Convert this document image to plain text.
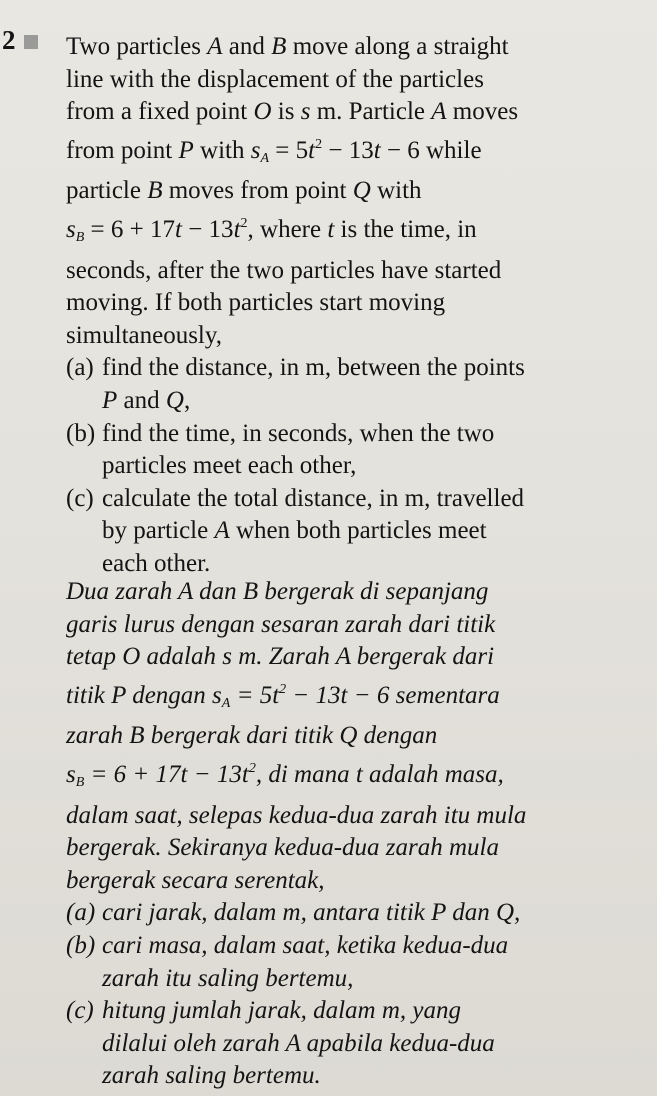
2 Two particles A and B move along a straight
line with the displacement of the particles
from a fixed point O is s m. Particle A moves
from point P with $s_A = 5t^2 - 13t - 6$ while
particle B moves from point Q with
$s_B = 6 + 17t - 13t^2$, where t is the time, in
seconds, after the two particles have started
moving. If both particles start moving
simultaneously,
(a) find the distance, in m, between the points
P and Q,
(b) find the time, in seconds, when the two
particles meet each other,
(c) calculate the total distance, in m, travelled
by particle A when both particles meet
each other.
Dua zarah A dan B bergerak di sepanjang
garis lurus dengan sesaran zarah dari titik
tetap O adalah s m. Zarah A bergerak dari
titik P dengan $s_A = 5t^2 - 13t - 6$ sementara
zarah B bergerak dari titik Q dengan
$s_B = 6 + 17t - 13t^2$, di mana t adalah masa,
dalam saat, selepas kedua-dua zarah itu mula
bergerak. Sekiranya kedua-dua zarah mula
bergerak secara serentak,
(a) cari jarak, dalam m, antara titik P dan Q,
(b) cari masa, dalam saat, ketika kedua-dua
zarah itu saling bertemu,
(c) hitung jumlah jarak, dalam m, yang
dilalui oleh zarah A apabila kedua-dua
zarah saling bertemu.
